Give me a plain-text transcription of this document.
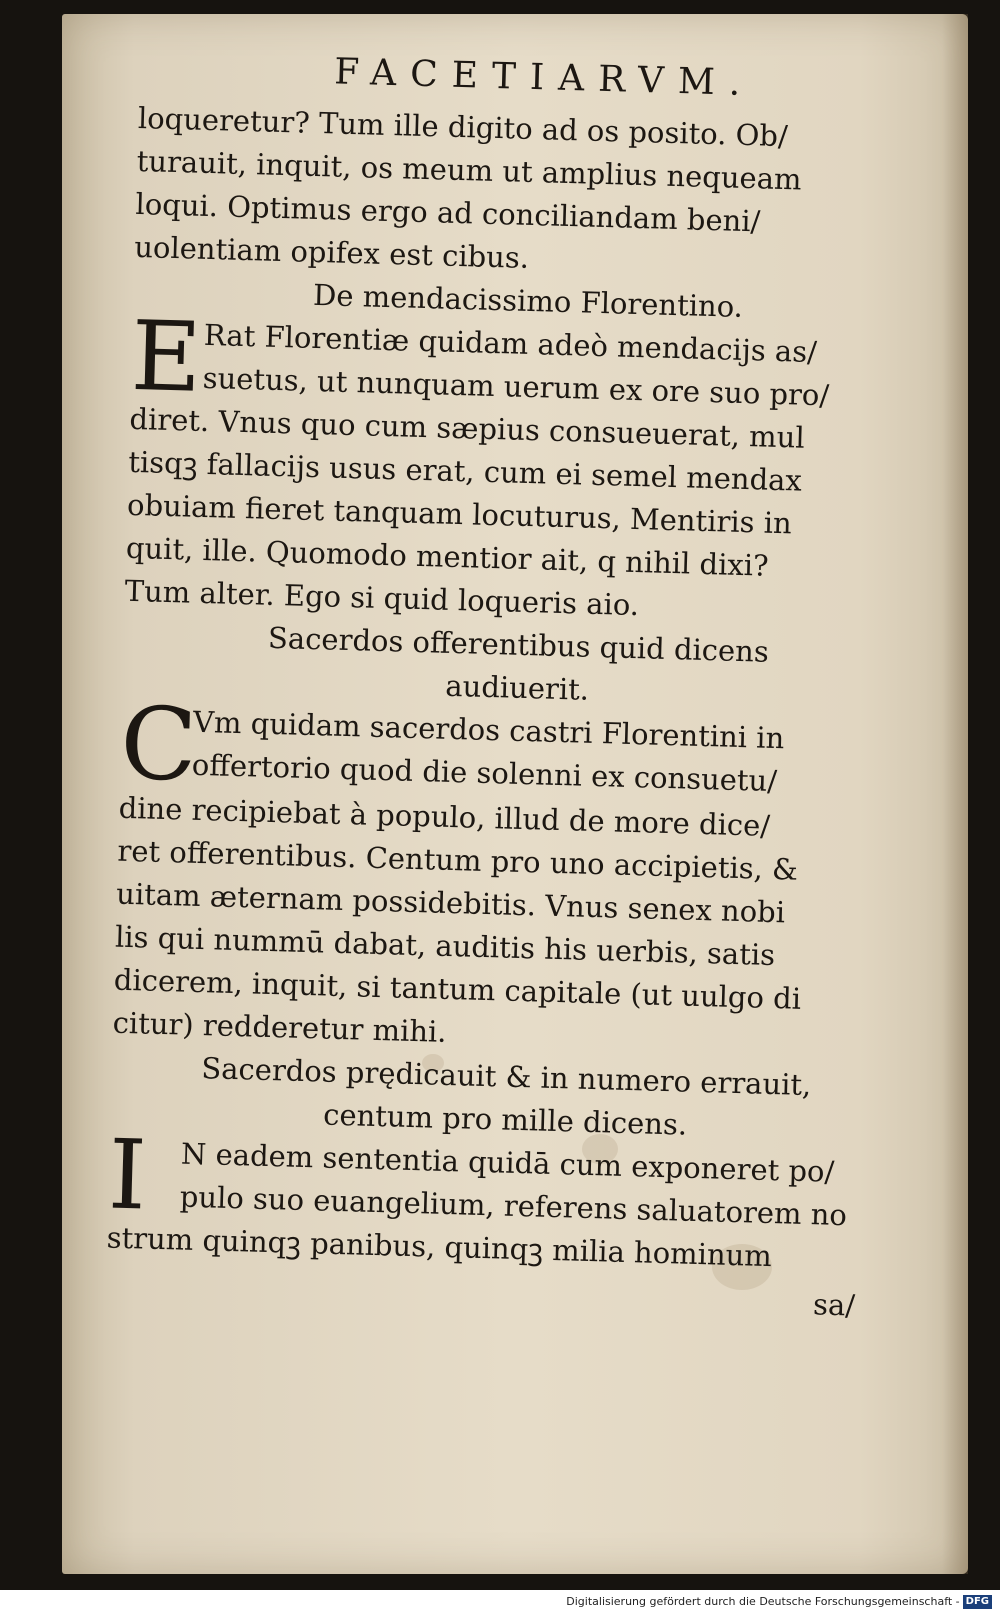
FACETIARVM.
loqueretur? Tum ille digito ad os posito. Ob/
turauit, inquit, os meum ut amplius nequeam
loqui. Optimus ergo ad conciliandam beni/
uolentiam opifex est cibus.
De mendacissimo Florentino.
E Rat Florentiæ quidam adeò mendacijs as/
suetus, ut nunquam uerum ex ore suo pro/
diret. Vnus quo cum sæpius consueuerat, mul
tisqꝫ fallacijs usus erat, cum ei semel mendax
obuiam fieret tanquam locuturus, Mentiris in
quit, ille. Quomodo mentior ait, q nihil dixi?
Tum alter. Ego si quid loqueris aio.
Sacerdos offerentibus quid dicens
audiuerit.
C
Vm quidam sacerdos castri Florentini in
offertorio quod die solenni ex consuetu/
dine recipiebat à populo, illud de more dice/
ret offerentibus. Centum pro uno accipietis, &
uitam æternam possidebitis. Vnus senex nobi
lis qui nummū dabat, auditis his uerbis, satis
dicerem, inquit, si tantum capitale (ut uulgo di
citur) redderetur mihi.
Sacerdos prędicauit & in numero errauit,
centum pro mille dicens.
I	N eadem sententia quidā cum exponeret po/
pulo suo euangelium, referens saluatorem no
strum quinqꝫ panibus, quinqꝫ milia hominum
sa/
Digitalisierung gefördert durch die Deutsche Forschungsgemeinschaft - DFG
